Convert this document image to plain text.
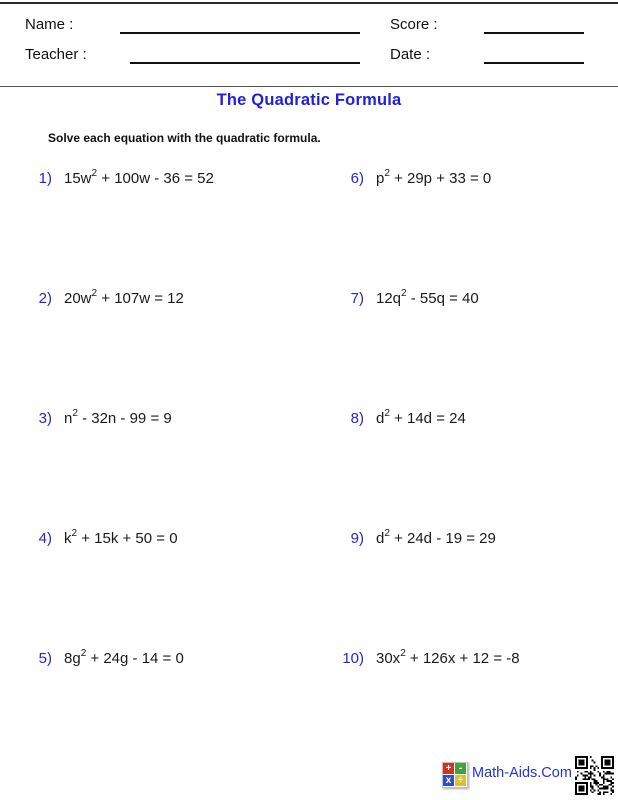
Name :	Score :
Teacher :	Date :
The Quadratic Formula
Solve each equation with the quadratic formula.
1) $15w^2 + 100w - 36 = 52$
2) $20w^2 + 107w = 12$
3) $n^2 - 32n - 99 = 9$
4) $k^2 + 15k + 50 = 0$
5) $8g^2 + 24g - 14 = 0$
6) $p^2 + 29p + 33 = 0$
7) $12q^2 - 55q = 40$
8) $d^2 + 14d = 24$
9) $d^2 + 24d - 19 = 29$
10) $30x^2 + 126x + 12 = -8$
+ -
x ÷ Math-Aids.Com
